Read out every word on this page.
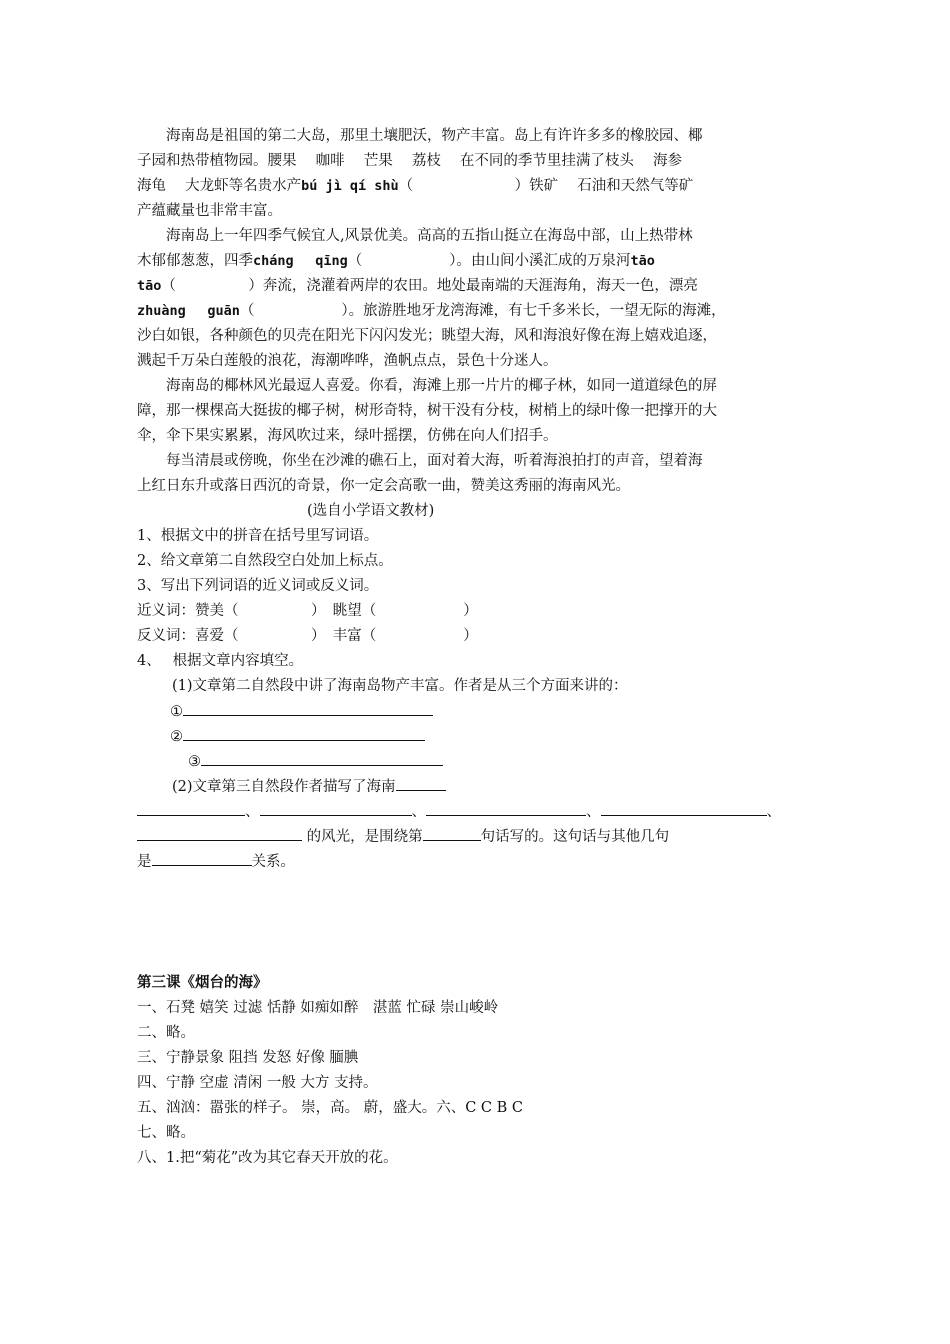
　　海南岛是祖国的第二大岛，那里土壤肥沃，物产丰富。岛上有许许多多的橡胶园、椰
子园和热带植物园。腰果　 咖啡　 芒果　 荔枝　 在不同的季节里挂满了枝头　 海参
海龟　 大龙虾等名贵水产bú jì qí shù（　　　　　　　）铁矿　 石油和天然气等矿
产蕴藏量也非常丰富。
　　海南岛上一年四季气候宜人,风景优美。高高的五指山挺立在海岛中部，山上热带林
木郁郁葱葱，四季cháng　 qīng（　　　　　　）。由山间小溪汇成的万泉河tāo
tāo（　　　　　）奔流，浇灌着两岸的农田。地处最南端的天涯海角，海天一色，漂亮
zhuàng　 guān（　　　　　　）。旅游胜地牙龙湾海滩，有七千多米长，一望无际的海滩，
沙白如银，各种颜色的贝壳在阳光下闪闪发光；眺望大海，风和海浪好像在海上嬉戏追逐，
溅起千万朵白莲般的浪花，海潮哗哗，渔帆点点，景色十分迷人。
　　海南岛的椰林风光最逗人喜爱。你看，海滩上那一片片的椰子林，如同一道道绿色的屏
障，那一棵棵高大挺拔的椰子树，树形奇特，树干没有分枝，树梢上的绿叶像一把撑开的大
伞，伞下果实累累，海风吹过来，绿叶摇摆，仿佛在向人们招手。
　　每当清晨或傍晚，你坐在沙滩的礁石上，面对着大海，听着海浪拍打的声音，望着海
上红日东升或落日西沉的奇景，你一定会高歌一曲，赞美这秀丽的海南风光。
(选自小学语文教材)
1、根据文中的拼音在括号里写词语。
2、给文章第二自然段空白处加上标点。
3、写出下列词语的近义词或反义词。
近义词：赞美（　　　　　）　眺望（　　　　　　）
反义词：喜爱（　　　　　）　丰富（　　　　　　）
4、　 根据文章内容填空。
(1)文章第二自然段中讲了海南岛物产丰富。作者是从三个方面来讲的：
①
②
③
(2)文章第三自然段作者描写了海南
、	、	、	、
的风光，是围绕第	句话写的。这句话与其他几句
是	关系。
第三课《烟台的海》
一、石凳 嬉笑 过滤 恬静 如痴如醉　湛蓝 忙碌 崇山峻岭
二、略。
三、宁静景象 阻挡 发怒 好像 腼腆
四、宁静 空虚 清闲 一般 大方 支持。
五、汹汹：嚣张的样子。 崇，高。 蔚，盛大。六、C C B C
七、略。
八、1.把“菊花”改为其它春天开放的花。
